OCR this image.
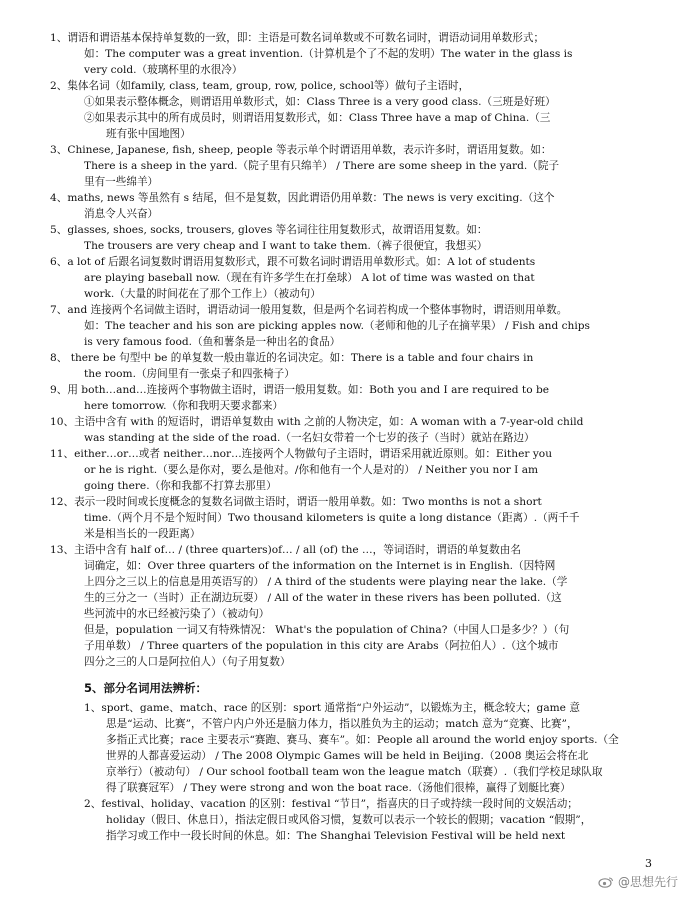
1、谓语和谓语基本保持单复数的一致，即：主语是可数名词单数或不可数名词时，谓语动词用单数形式；

如：The computer was a great invention.（计算机是个了不起的发明）The water in the glass is

very cold.（玻璃杯里的水很冷）

2、集体名词（如family, class, team, group, row, police, school等）做句子主语时，

①如果表示整体概念，则谓语用单数形式，如：Class Three is a very good class.（三班是好班）

②如果表示其中的所有成员时，则谓语用复数形式，如：Class Three have a map of China.（三

班有张中国地图）

3、Chinese, Japanese, fish, sheep, people 等表示单个时谓语用单数，表示许多时，谓语用复数。如：

There is a sheep in the yard.（院子里有只绵羊） / There are some sheep in the yard.（院子

里有一些绵羊）

4、maths, news 等虽然有 s 结尾，但不是复数，因此谓语仍用单数：The news is very exciting.（这个

消息令人兴奋）

5、glasses, shoes, socks, trousers, gloves 等名词往往用复数形式，故谓语用复数。如：

The trousers are very cheap and I want to take them.（裤子很便宜，我想买）

6、a lot of 后跟名词复数时谓语用复数形式，跟不可数名词时谓语用单数形式。如：A lot of students

are playing baseball now.（现在有许多学生在打垒球） A lot of time was wasted on that

work.（大量的时间花在了那个工作上）（被动句）

7、and 连接两个名词做主语时，谓语动词一般用复数，但是两个名词若构成一个整体事物时，谓语则用单数。

如：The teacher and his son are picking apples now.（老师和他的儿子在摘苹果） / Fish and chips

is very famous food.（鱼和薯条是一种出名的食品）

8、 there be 句型中 be 的单复数一般由靠近的名词决定。如：There is a table and four chairs in

the room.（房间里有一张桌子和四张椅子）

9、用 both…and…连接两个事物做主语时，谓语一般用复数。如：Both you and I are required to be

here tomorrow.（你和我明天要求都来）

10、主语中含有 with 的短语时，谓语单复数由 with 之前的人物决定，如：A woman with a 7-year-old child

was standing at the side of the road.（一名妇女带着一个七岁的孩子（当时）就站在路边）

11、either…or…或者 neither…nor…连接两个人物做句子主语时，谓语采用就近原则。如：Either you

or he is right.（要么是你对，要么是他对。/你和他有一个人是对的） / Neither you nor I am

going there.（你和我都不打算去那里）

12、表示一段时间或长度概念的复数名词做主语时，谓语一般用单数。如：Two months is not a short

time.（两个月不是个短时间）Two thousand kilometers is quite a long distance（距离）.（两千千

米是相当长的一段距离）

13、主语中含有 half of… / (three quarters)of… / all (of) the …，等词语时，谓语的单复数由名

词确定，如：Over three quarters of the information on the Internet is in English.（因特网

上四分之三以上的信息是用英语写的） / A third of the students were playing near the lake.（学

生的三分之一（当时）正在湖边玩耍） / All of the water in these rivers has been polluted.（这

些河流中的水已经被污染了）（被动句）

但是，population 一词又有特殊情况： What's the population of China?（中国人口是多少？）（句

子用单数） / Three quarters of the population in this city are Arabs（阿拉伯人）.（这个城市

四分之三的人口是阿拉伯人）（句子用复数）

5、部分名词用法辨析：

1、sport、game、match、race 的区别：sport 通常指“户外运动”，以锻炼为主，概念较大；game 意

思是“运动、比赛”，不管户内户外还是脑力体力，指以胜负为主的运动；match 意为“竞赛、比赛”，

多指正式比赛；race 主要表示“赛跑、赛马、赛车”。如：People all around the world enjoy sports.（全

世界的人都喜爱运动） / The 2008 Olympic Games will be held in Beijing.（2008 奥运会将在北

京举行）（被动句） / Our school football team won the league match（联赛）.（我们学校足球队取

得了联赛冠军） / They were strong and won the boat race.（汤他们很棒，赢得了划艇比赛）

2、festival、holiday、vacation 的区别：festival “节日”，指喜庆的日子或持续一段时间的文娱活动；

holiday（假日、休息日），指法定假日或风俗习惯，复数可以表示一个较长的假期；vacation “假期”，

指学习或工作中一段长时间的休息。如：The Shanghai Television Festival will be held next

3
@思想先行
